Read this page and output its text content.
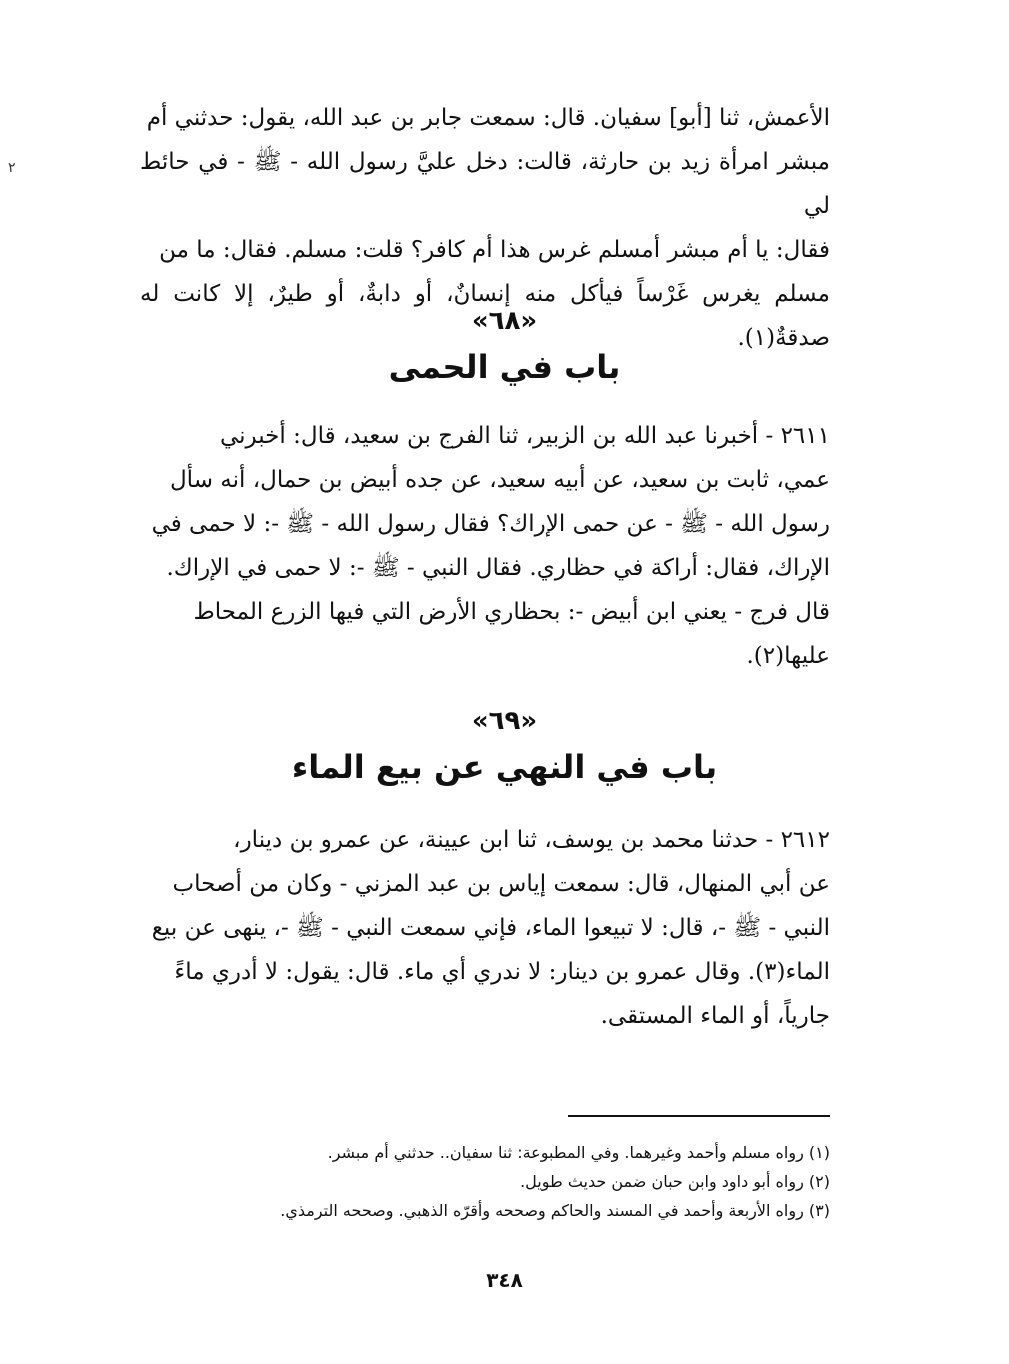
٢

الأعمش، ثنا [أبو] سفيان. قال: سمعت جابر بن عبد الله، يقول: حدثني أم

مبشر امرأة زيد بن حارثة، قالت: دخل عليَّ رسول الله - ﷺ - في حائط لي

فقال: يا أم مبشر أمسلم غرس هذا أم كافر؟ قلت: مسلم. فقال: ما من

مسلم يغرس غَرْساً فيأكل منه إنسانٌ، أو دابةٌ، أو طيرٌ، إلا كانت له صدقةٌ(١).

«٦٨»
باب في الحمى

٢٦١١ - أخبرنا عبد الله بن الزبير، ثنا الفرج بن سعيد، قال: أخبرني

عمي، ثابت بن سعيد، عن أبيه سعيد، عن جده أبيض بن حمال، أنه سأل

رسول الله - ﷺ - عن حمى الإراك؟ فقال رسول الله - ﷺ -: لا حمى في

الإراك، فقال: أراكة في حظاري. فقال النبي - ﷺ -: لا حمى في الإراك.

قال فرج - يعني ابن أبيض -: بحظاري الأرض التي فيها الزرع المحاط

عليها(٢).

«٦٩»
باب في النهي عن بيع الماء

٢٦١٢ - حدثنا محمد بن يوسف، ثنا ابن عيينة، عن عمرو بن دينار،

عن أبي المنهال، قال: سمعت إياس بن عبد المزني - وكان من أصحاب

النبي - ﷺ -، قال: لا تبيعوا الماء، فإني سمعت النبي - ﷺ -، ينهى عن بيع

الماء(٣). وقال عمرو بن دينار: لا ندري أي ماء. قال: يقول: لا أدري ماءً

جارياً، أو الماء المستقى.

(١) رواه مسلم وأحمد وغيرهما. وفي المطبوعة: ثنا سفيان.. حدثني أم مبشر.
(٢) رواه أبو داود وابن حبان ضمن حديث طويل.
(٣) رواه الأربعة وأحمد في المسند والحاكم وصححه وأقرّه الذهبي. وصححه الترمذي.
٣٤٨
